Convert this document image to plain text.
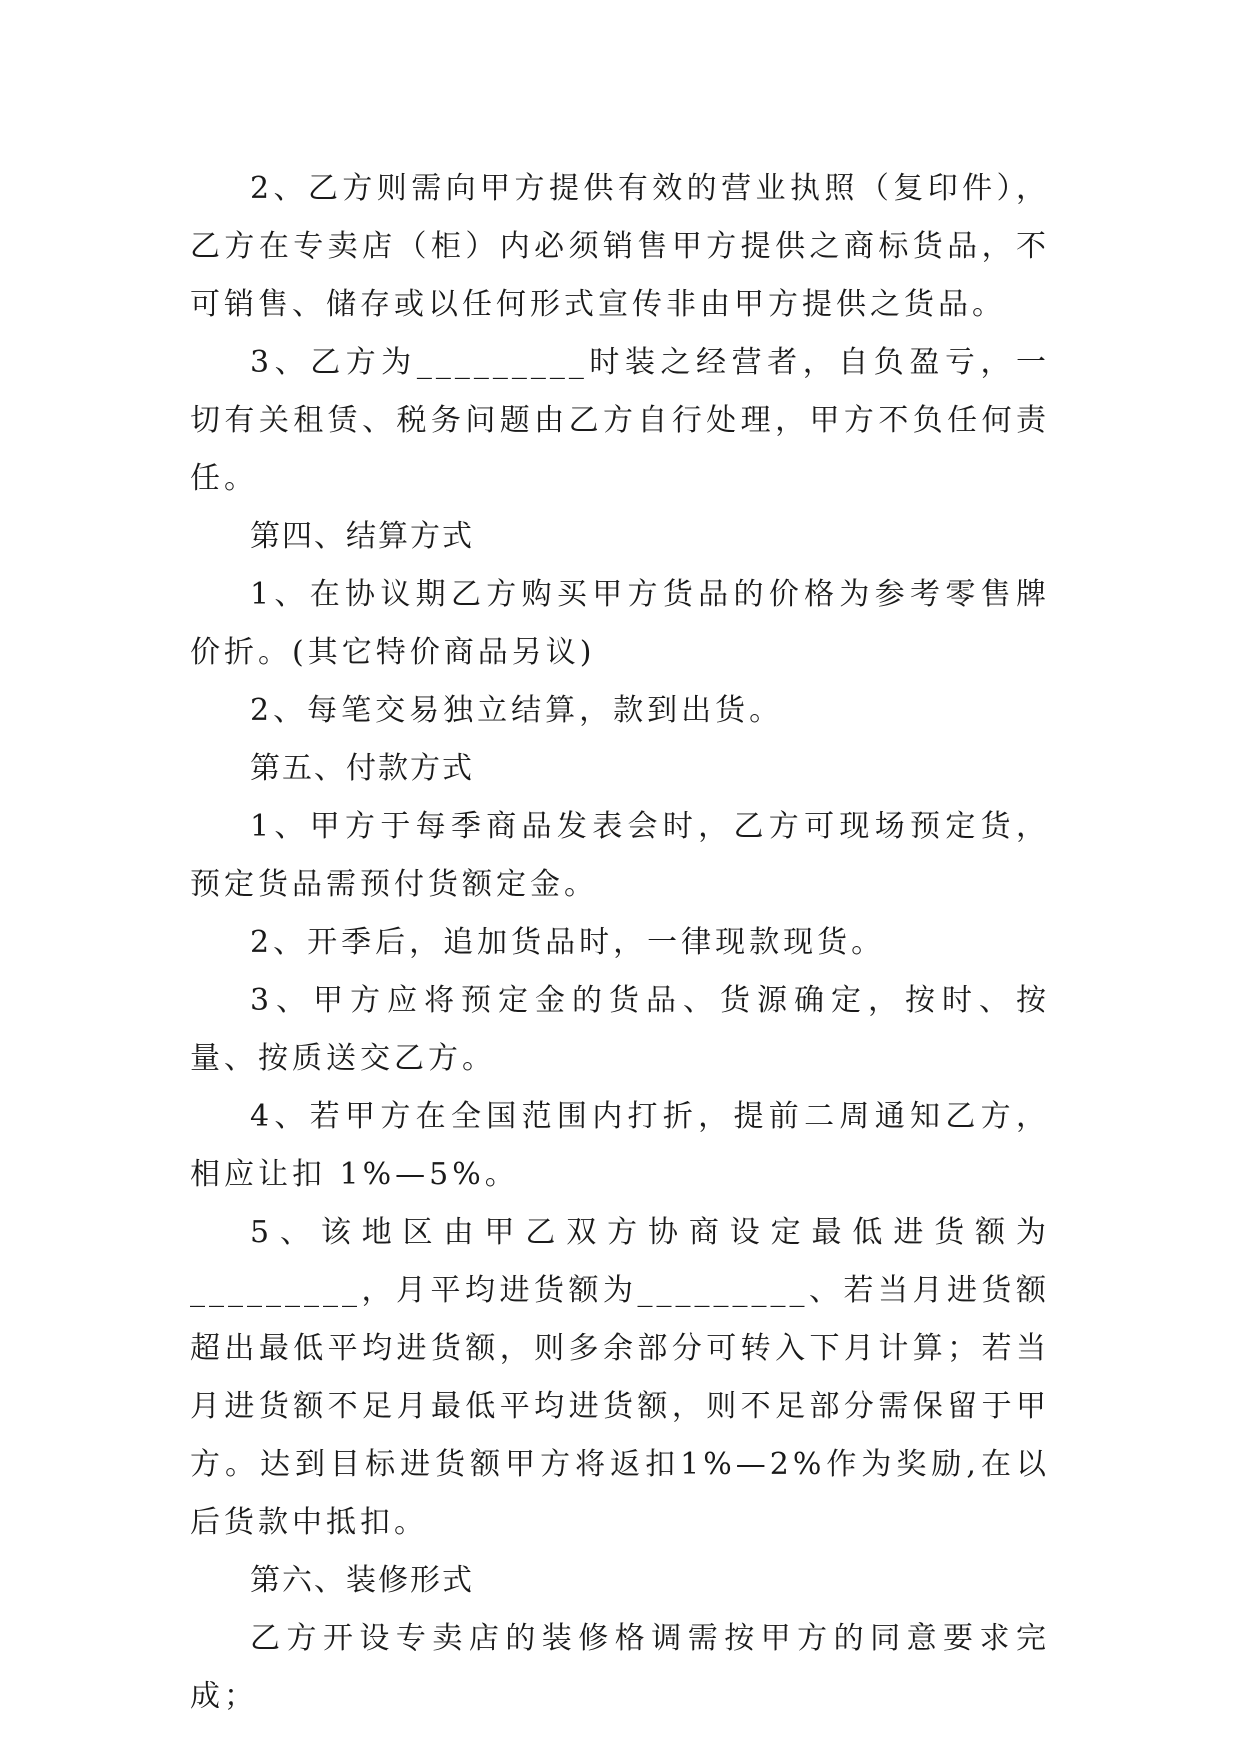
2、乙方则需向甲方提供有效的营业执照（复印件），乙方在专卖店（柜）内必须销售甲方提供之商标货品，不可销售、储存或以任何形式宣传非由甲方提供之货品。

3、乙方为_________时装之经营者，自负盈亏，一切有关租赁、税务问题由乙方自行处理，甲方不负任何责任。

第四、结算方式

1、在协议期乙方购买甲方货品的价格为参考零售牌价折。(其它特价商品另议)

2、每笔交易独立结算，款到出货。

第五、付款方式

1、甲方于每季商品发表会时，乙方可现场预定货，预定货品需预付货额定金。

2、开季后，追加货品时，一律现款现货。

3、甲方应将预定金的货品、货源确定，按时、按量、按质送交乙方。

4、若甲方在全国范围内打折，提前二周通知乙方，相应让扣 1%—5%。

5、该地区由甲乙双方协商设定最低进货额为_________，月平均进货额为_________、若当月进货额超出最低平均进货额，则多余部分可转入下月计算；若当月进货额不足月最低平均进货额，则不足部分需保留于甲方。达到目标进货额甲方将返扣1%—2%作为奖励,在以后货款中抵扣。

第六、装修形式

乙方开设专卖店的装修格调需按甲方的同意要求完成；
